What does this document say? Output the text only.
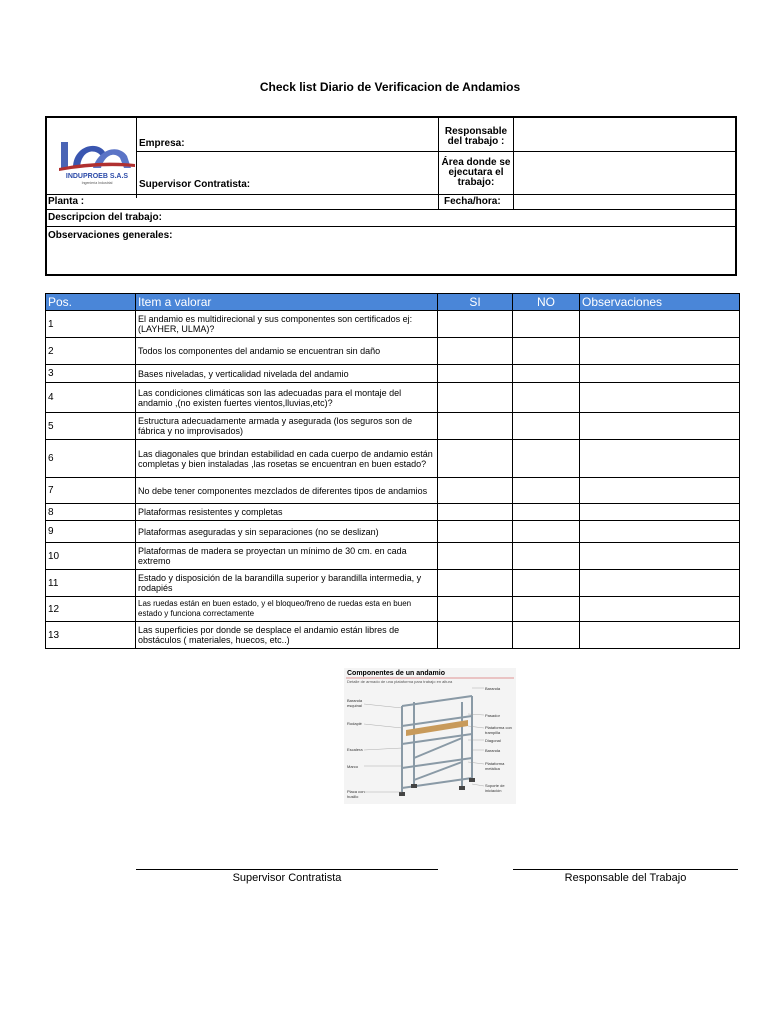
Check list Diario de Verificacion de Andamios
INDUPROEB S.A.S
Ingeniería Industrial
Empresa:
Supervisor Contratista:
Responsable del trabajo :
Área donde se ejecutara el trabajo:
Planta :	Fecha/hora:
Descripcion del trabajo:
Observaciones generales:
Pos.	Item a valorar	SI	NO	Observaciones
1	El andamio es multidirecional y sus componentes son certificados ej: (LAYHER, ULMA)?			
2	Todos los componentes del andamio se encuentran sin daño			
3	Bases niveladas, y verticalidad nivelada del andamio			
4	Las condiciones climáticas son las adecuadas para el montaje del andamio ,(no existen fuertes vientos,lluvias,etc)?			
5	Estructura adecuadamente armada y asegurada (los seguros son de fábrica y no improvisados)			
6	Las diagonales que brindan estabilidad en cada cuerpo de andamio están completas y bien instaladas ,las rosetas se encuentran en buen estado?			
7	No debe tener componentes mezclados de diferentes tipos de andamios			
8	Plataformas resistentes y completas			
9	Plataformas aseguradas y sin separaciones (no se deslizan)			
10	Plataformas de madera se proyectan un mínimo de 30 cm. en cada extremo			
11	Estado y disposición de la barandilla superior y barandilla intermedia, y rodapiés			
12	Las ruedas están en buen estado, y el bloqueo/freno de ruedas esta en buen estado y funciona correctamente			
13	Las superficies por donde se desplace el andamio están libres de obstáculos ( materiales, huecos, etc..)			
Componentes de un andamio
Detalle de armado de una plataforma para trabajo en altura
Baranda esquinal
Rodapié
Escalera
Marco
Placa con husillo
Baranda
Pasador
Plataforma con trampilla
Diagonal
Baranda
Plataforma metálica
Soporte de iniciación
Supervisor Contratista	Responsable del Trabajo
